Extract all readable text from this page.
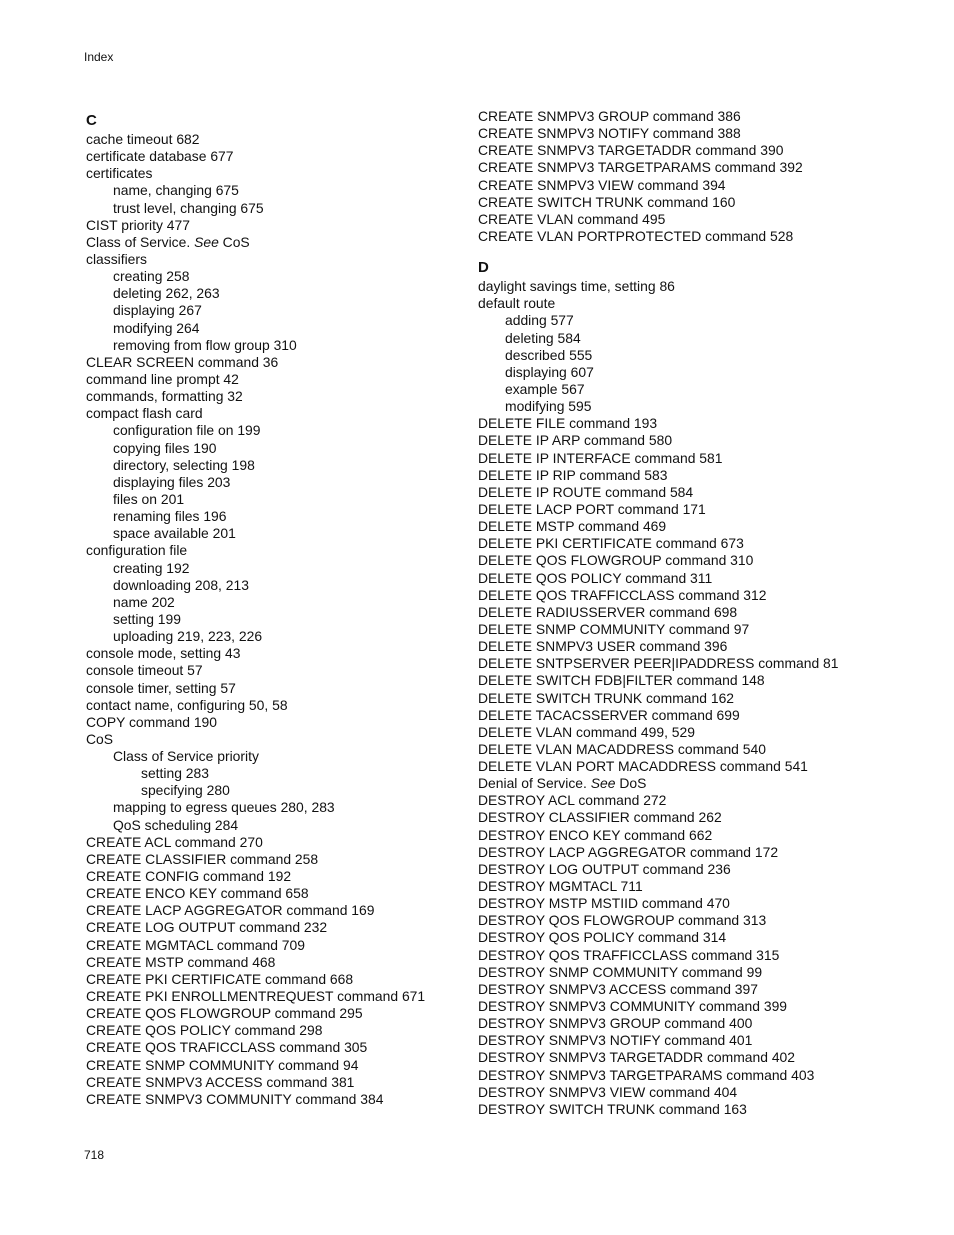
Index
C
cache timeout 682
certificate database 677
certificates
name, changing 675
trust level, changing 675
CIST priority 477
Class of Service. See CoS
classifiers
creating 258
deleting 262, 263
displaying 267
modifying 264
removing from flow group 310
CLEAR SCREEN command 36
command line prompt 42
commands, formatting 32
compact flash card
configuration file on 199
copying files 190
directory, selecting 198
displaying files 203
files on 201
renaming files 196
space available 201
configuration file
creating 192
downloading 208, 213
name 202
setting 199
uploading 219, 223, 226
console mode, setting 43
console timeout 57
console timer, setting 57
contact name, configuring 50, 58
COPY command 190
CoS
Class of Service priority
setting 283
specifying 280
mapping to egress queues 280, 283
QoS scheduling 284
CREATE ACL command 270
CREATE CLASSIFIER command 258
CREATE CONFIG command 192
CREATE ENCO KEY command 658
CREATE LACP AGGREGATOR command 169
CREATE LOG OUTPUT command 232
CREATE MGMTACL command 709
CREATE MSTP command 468
CREATE PKI CERTIFICATE command 668
CREATE PKI ENROLLMENTREQUEST command 671
CREATE QOS FLOWGROUP command 295
CREATE QOS POLICY command 298
CREATE QOS TRAFICCLASS command 305
CREATE SNMP COMMUNITY command 94
CREATE SNMPV3 ACCESS command 381
CREATE SNMPV3 COMMUNITY command 384
CREATE SNMPV3 GROUP command 386
CREATE SNMPV3 NOTIFY command 388
CREATE SNMPV3 TARGETADDR command 390
CREATE SNMPV3 TARGETPARAMS command 392
CREATE SNMPV3 VIEW command 394
CREATE SWITCH TRUNK command 160
CREATE VLAN command 495
CREATE VLAN PORTPROTECTED command 528
D
daylight savings time, setting 86
default route
adding 577
deleting 584
described 555
displaying 607
example 567
modifying 595
DELETE FILE command 193
DELETE IP ARP command 580
DELETE IP INTERFACE command 581
DELETE IP RIP command 583
DELETE IP ROUTE command 584
DELETE LACP PORT command 171
DELETE MSTP command 469
DELETE PKI CERTIFICATE command 673
DELETE QOS FLOWGROUP command 310
DELETE QOS POLICY command 311
DELETE QOS TRAFFICCLASS command 312
DELETE RADIUSSERVER command 698
DELETE SNMP COMMUNITY command 97
DELETE SNMPV3 USER command 396
DELETE SNTPSERVER PEER|IPADDRESS command 81
DELETE SWITCH FDB|FILTER command 148
DELETE SWITCH TRUNK command 162
DELETE TACACSSERVER command 699
DELETE VLAN command 499, 529
DELETE VLAN MACADDRESS command 540
DELETE VLAN PORT MACADDRESS command 541
Denial of Service. See DoS
DESTROY ACL command 272
DESTROY CLASSIFIER command 262
DESTROY ENCO KEY command 662
DESTROY LACP AGGREGATOR command 172
DESTROY LOG OUTPUT command 236
DESTROY MGMTACL 711
DESTROY MSTP MSTIID command 470
DESTROY QOS FLOWGROUP command 313
DESTROY QOS POLICY command 314
DESTROY QOS TRAFFICCLASS command 315
DESTROY SNMP COMMUNITY command 99
DESTROY SNMPV3 ACCESS command 397
DESTROY SNMPV3 COMMUNITY command 399
DESTROY SNMPV3 GROUP command 400
DESTROY SNMPV3 NOTIFY command 401
DESTROY SNMPV3 TARGETADDR command 402
DESTROY SNMPV3 TARGETPARAMS command 403
DESTROY SNMPV3 VIEW command 404
DESTROY SWITCH TRUNK command 163
718
